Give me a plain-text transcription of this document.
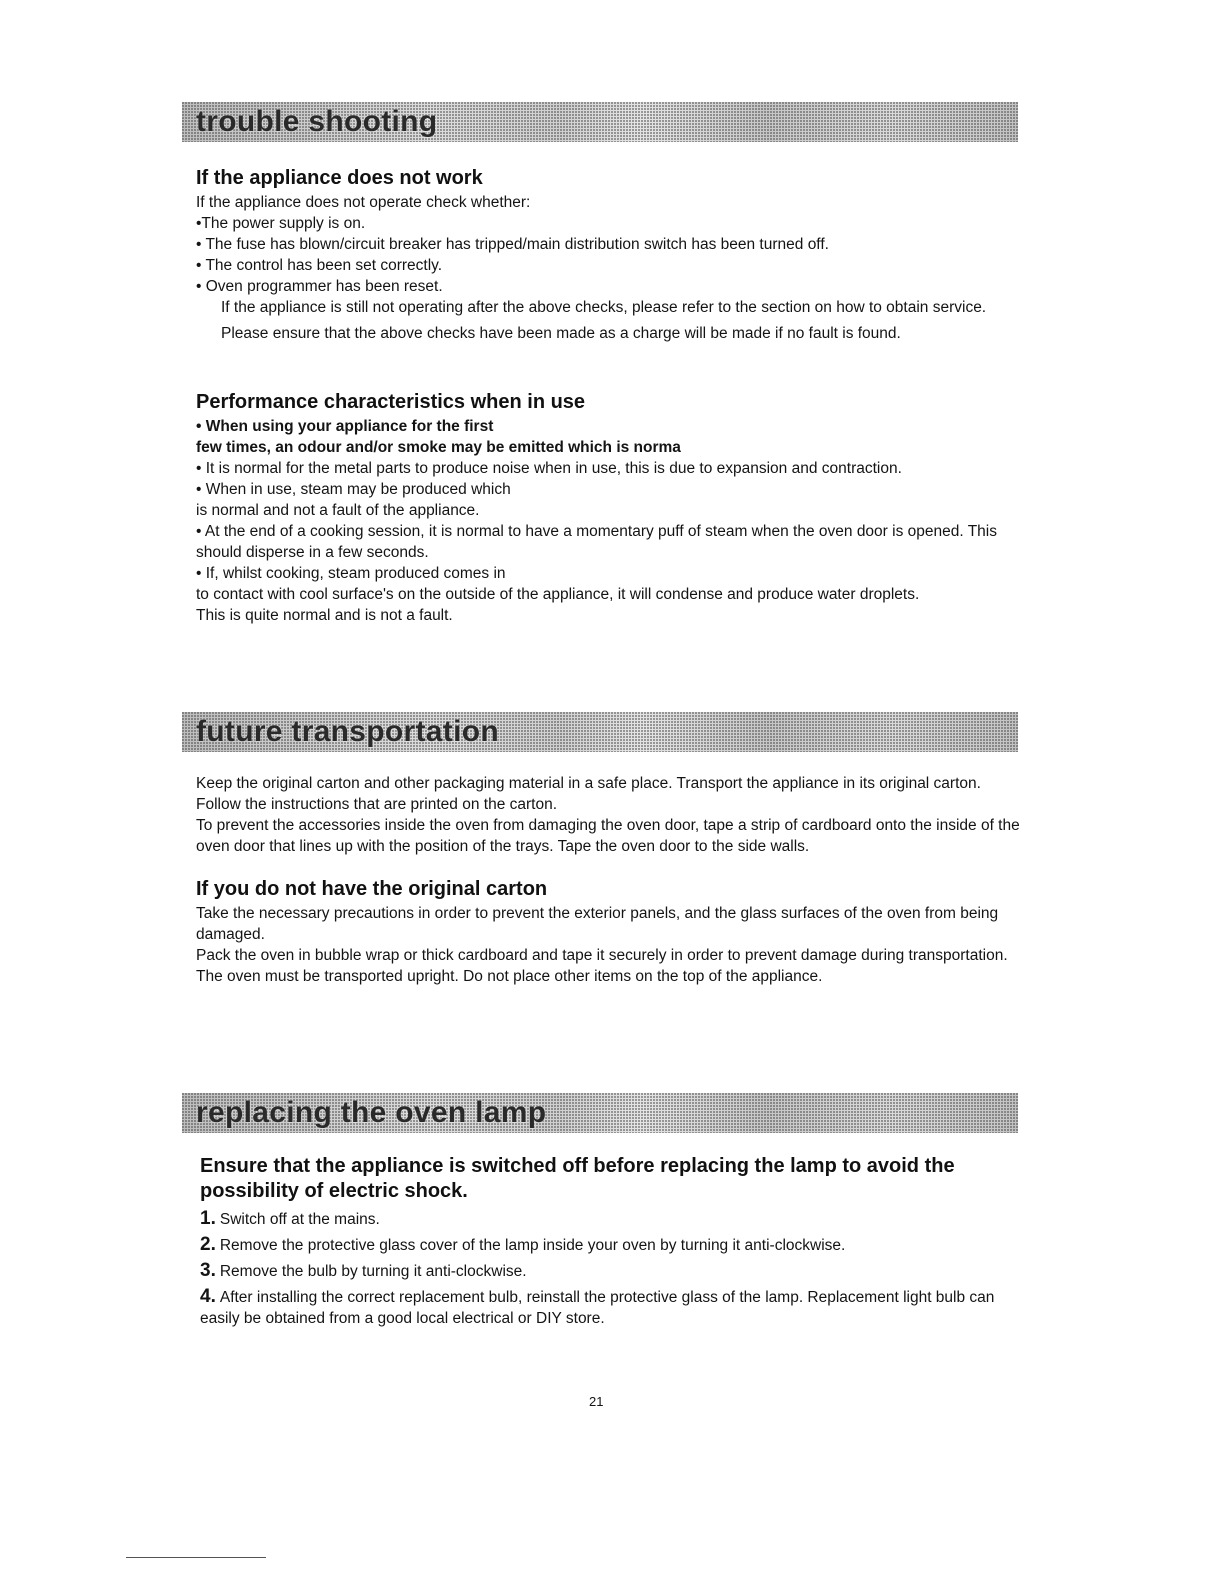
trouble shooting

If the appliance does not work

If the appliance does not operate check whether:

•The power supply is on.

• The fuse has blown/circuit breaker has tripped/main distribution switch has been turned off.

• The control has been set correctly.

• Oven programmer has been reset.

If the appliance is still not operating after the above checks, please refer to the section on how to obtain service.

Please ensure that the above checks have been made as a charge will be made if no fault is found.

Performance characteristics when in use

• When using your appliance for the first

few times, an odour and/or smoke may be emitted which is norma

• It is normal for the metal parts to produce noise when in use, this is due to expansion and contraction.

• When in use, steam may be produced which

is normal and not a fault of the appliance.

• At the end of a cooking session, it is normal to have a momentary puff of steam when the oven door is opened. This should disperse in a few seconds.

• If, whilst cooking, steam produced comes in

to contact with cool surface's on the outside of the appliance, it will condense and produce water droplets.

This is quite normal and is not a fault.

future transportation

Keep the original carton and other packaging material in a safe place. Transport the appliance in its original carton. Follow the instructions that are printed on the carton.

To prevent the accessories inside the oven from damaging the oven door, tape a strip of cardboard onto the inside of the oven door that lines up with the position of the trays. Tape the oven door to the side walls.

If you do not have the original carton

Take the necessary precautions in order to prevent the exterior panels, and the glass surfaces of the oven from being damaged.

Pack the oven in bubble wrap or thick cardboard and tape it securely in order to prevent damage during transportation.

The oven must be transported upright. Do not place other items on the top of the appliance.

replacing the oven lamp

Ensure that the appliance is switched off before replacing the lamp to avoid the possibility of electric shock.

1. Switch off at the mains.

2. Remove the protective glass cover of the lamp inside your oven by turning it anti-clockwise.

3. Remove the bulb by turning it anti-clockwise.

4. After installing the correct replacement bulb, reinstall the protective glass of the lamp. Replacement light bulb can easily be obtained from a good local electrical or DIY store.

21
